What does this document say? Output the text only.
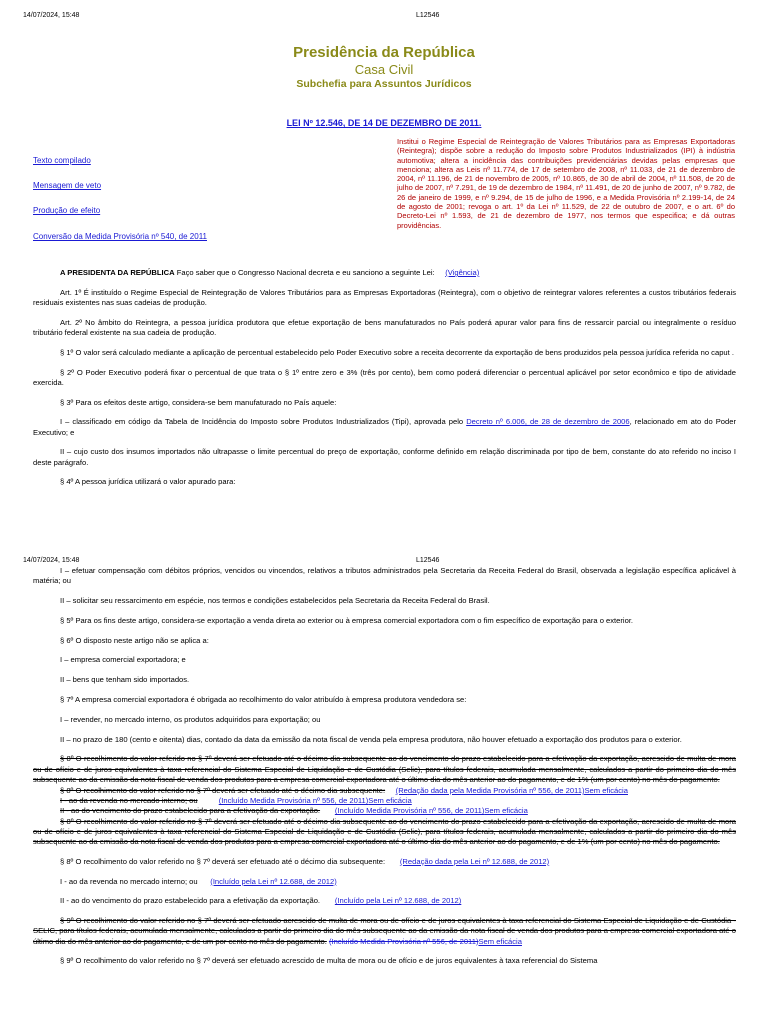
14/07/2024, 15:48	L12546
Presidência da República
Casa Civil
Subchefia para Assuntos Jurídicos
LEI Nº 12.546, DE 14 DE DEZEMBRO DE 2011.
Texto compilado
Mensagem de veto
Produção de efeito
Conversão da Medida Provisória nº 540, de 2011
Institui o Regime Especial de Reintegração de Valores Tributários para as Empresas Exportadoras (Reintegra); dispõe sobre a redução do Imposto sobre Produtos Industrializados (IPI) à indústria automotiva; altera a incidência das contribuições previdenciárias devidas pelas empresas que menciona; altera as Leis nº 11.774, de 17 de setembro de 2008, nº 11.033, de 21 de dezembro de 2004, nº 11.196, de 21 de novembro de 2005, nº 10.865, de 30 de abril de 2004, nº 11.508, de 20 de julho de 2007, nº 7.291, de 19 de dezembro de 1984, nº 11.491, de 20 de junho de 2007, nº 9.782, de 26 de janeiro de 1999, e nº 9.294, de 15 de julho de 1996, e a Medida Provisória nº 2.199-14, de 24 de agosto de 2001; revoga o art. 1º da Lei nº 11.529, de 22 de outubro de 2007, e o art. 6º do Decreto-Lei nº 1.593, de 21 de dezembro de 1977, nos termos que especifica; e dá outras providências.

A PRESIDENTA DA REPÚBLICA Faço saber que o Congresso Nacional decreta e eu sanciono a seguinte Lei: (Vigência)

Art. 1º É instituído o Regime Especial de Reintegração de Valores Tributários para as Empresas Exportadoras (Reintegra), com o objetivo de reintegrar valores referentes a custos tributários federais residuais existentes nas suas cadeias de produção.

Art. 2º No âmbito do Reintegra, a pessoa jurídica produtora que efetue exportação de bens manufaturados no País poderá apurar valor para fins de ressarcir parcial ou integralmente o resíduo tributário federal existente na sua cadeia de produção.

§ 1º O valor será calculado mediante a aplicação de percentual estabelecido pelo Poder Executivo sobre a receita decorrente da exportação de bens produzidos pela pessoa jurídica referida no caput .

§ 2º O Poder Executivo poderá fixar o percentual de que trata o § 1º entre zero e 3% (três por cento), bem como poderá diferenciar o percentual aplicável por setor econômico e tipo de atividade exercida.

§ 3º Para os efeitos deste artigo, considera-se bem manufaturado no País aquele:

I – classificado em código da Tabela de Incidência do Imposto sobre Produtos Industrializados (Tipi), aprovada pelo Decreto nº 6.006, de 28 de dezembro de 2006, relacionado em ato do Poder Executivo; e

II – cujo custo dos insumos importados não ultrapasse o limite percentual do preço de exportação, conforme definido em relação discriminada por tipo de bem, constante do ato referido no inciso I deste parágrafo.

§ 4º A pessoa jurídica utilizará o valor apurado para:

14/07/2024, 15:48	L12546

I – efetuar compensação com débitos próprios, vencidos ou vincendos, relativos a tributos administrados pela Secretaria da Receita Federal do Brasil, observada a legislação específica aplicável à matéria; ou

II – solicitar seu ressarcimento em espécie, nos termos e condições estabelecidos pela Secretaria da Receita Federal do Brasil.

§ 5º Para os fins deste artigo, considera-se exportação a venda direta ao exterior ou à empresa comercial exportadora com o fim específico de exportação para o exterior.

§ 6º O disposto neste artigo não se aplica a:

I – empresa comercial exportadora; e

II – bens que tenham sido importados.

§ 7º A empresa comercial exportadora é obrigada ao recolhimento do valor atribuído à empresa produtora vendedora se:

I – revender, no mercado interno, os produtos adquiridos para exportação; ou

II – no prazo de 180 (cento e oitenta) dias, contado da data da emissão da nota fiscal de venda pela empresa produtora, não houver efetuado a exportação dos produtos para o exterior.

§ 8º O recolhimento do valor referido no § 7º deverá ser efetuado até o décimo dia subsequente ao do vencimento do prazo estabelecido para a efetivação da exportação, acrescido de multa de mora ou de ofício e de juros equivalentes à taxa referencial do Sistema Especial de Liquidação e de Custódia (Selic), para títulos federais, acumulada mensalmente, calculados a partir do primeiro dia do mês subsequente ao da emissão da nota fiscal de venda dos produtos para a empresa comercial exportadora até o último dia do mês anterior ao do pagamento, e de 1% (um por cento) no mês do pagamento.

§ 8º O recolhimento do valor referido no § 7º deverá ser efetuado até o décimo dia subsequente: (Redação dada pela Medida Provisória nº 556, de 2011)Sem eficácia

I - ao da revenda no mercado interno; ou	(Incluído Medida Provisória nº 556, de 2011)Sem eficácia

II - ao do vencimento do prazo estabelecido para a efetivação da exportação. (Incluído Medida Provisória nº 556, de 2011)Sem eficácia

§ 8º O recolhimento do valor referido no § 7º deverá ser efetuado até o décimo dia subsequente ao do vencimento do prazo estabelecido para a efetivação da exportação, acrescido de multa de mora ou de ofício e de juros equivalentes à taxa referencial do Sistema Especial de Liquidação e de Custódia (Selic), para títulos federais, acumulada mensalmente, calculados a partir do primeiro dia do mês subsequente ao da emissão da nota fiscal de venda dos produtos para a empresa comercial exportadora até o último dia do mês anterior ao do pagamento, e de 1% (um por cento) no mês do pagamento.

§ 8º O recolhimento do valor referido no § 7º deverá ser efetuado até o décimo dia subsequente: (Redação dada pela Lei nº 12.688, de 2012)

I - ao da revenda no mercado interno; ou (Incluído pela Lei nº 12.688, de 2012)

II - ao do vencimento do prazo estabelecido para a efetivação da exportação. (Incluído pela Lei nº 12.688, de 2012)

§ 9º O recolhimento do valor referido no § 7º deverá ser efetuado acrescido de multa de mora ou de ofício e de juros equivalentes à taxa referencial do Sistema Especial de Liquidação e de Custódia - SELIC, para títulos federais, acumulada mensalmente, calculados a partir do primeiro dia do mês subsequente ao da emissão da nota fiscal de venda dos produtos para a empresa comercial exportadora até o último dia do mês anterior ao do pagamento, e de um por cento no mês do pagamento. (Incluído Medida Provisória nº 556, de 2011)Sem eficácia

§ 9º O recolhimento do valor referido no § 7º deverá ser efetuado acrescido de multa de mora ou de ofício e de juros equivalentes à taxa referencial do Sistema
